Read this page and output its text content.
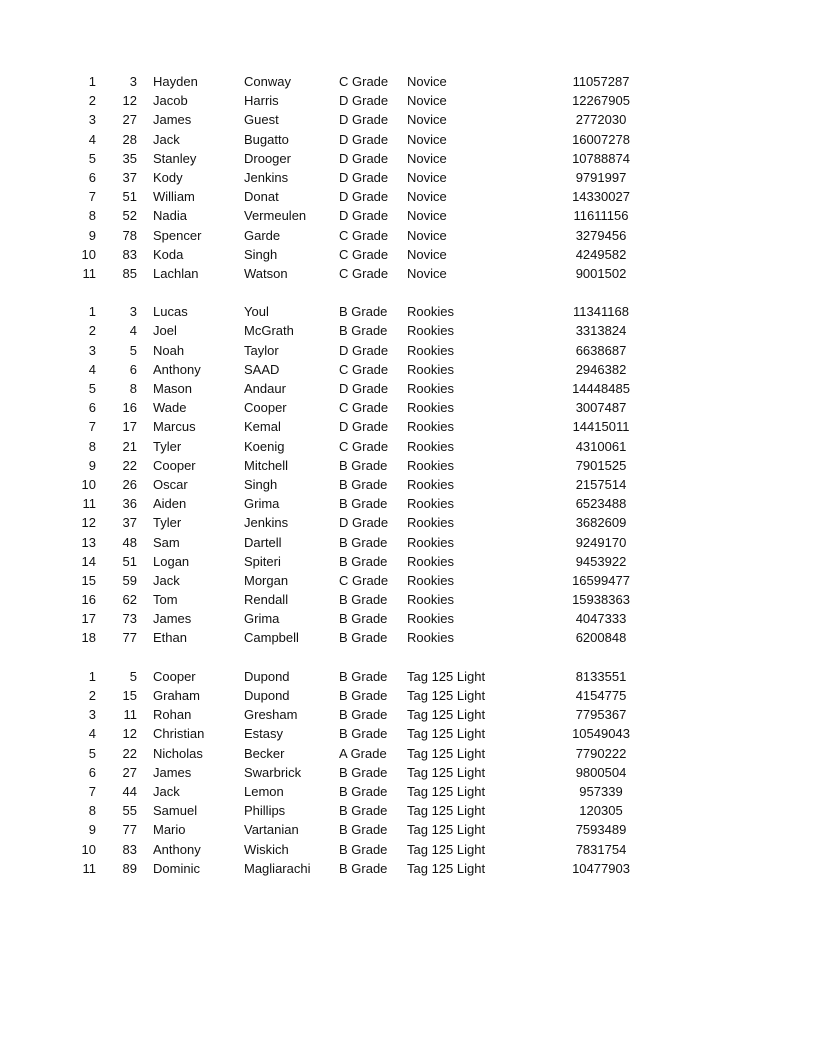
1	3 Hayden	Conway	C Grade Novice	11057287
2	12 Jacob	Harris	D Grade Novice	12267905
3	27 James	Guest	D Grade Novice	2772030
4	28 Jack	Bugatto	D Grade Novice	16007278
5	35 Stanley	Drooger	D Grade Novice	10788874
6	37 Kody	Jenkins	D Grade Novice	9791997
7	51 William	Donat	D Grade Novice	14330027
8	52 Nadia	Vermeulen	D Grade Novice	11611156
9	78 Spencer	Garde	C Grade Novice	3279456
10	83 Koda	Singh	C Grade Novice	4249582
11	85 Lachlan	Watson	C Grade Novice	9001502
1	3 Lucas	Youl	B Grade Rookies	11341168
2	4 Joel	McGrath	B Grade Rookies	3313824
3	5 Noah	Taylor	D Grade Rookies	6638687
4	6 Anthony	SAAD	C Grade Rookies	2946382
5	8 Mason	Andaur	D Grade Rookies	14448485
6	16 Wade	Cooper	C Grade Rookies	3007487
7	17 Marcus	Kemal	D Grade Rookies	14415011
8	21 Tyler	Koenig	C Grade Rookies	4310061
9	22 Cooper	Mitchell	B Grade Rookies	7901525
10	26 Oscar	Singh	B Grade Rookies	2157514
11	36 Aiden	Grima	B Grade Rookies	6523488
12	37 Tyler	Jenkins	D Grade Rookies	3682609
13	48 Sam	Dartell	B Grade Rookies	9249170
14	51 Logan	Spiteri	B Grade Rookies	9453922
15	59 Jack	Morgan	C Grade Rookies	16599477
16	62 Tom	Rendall	B Grade Rookies	15938363
17	73 James	Grima	B Grade Rookies	4047333
18	77 Ethan	Campbell	B Grade Rookies	6200848
1	5 Cooper	Dupond	B Grade Tag 125 Light	8133551
2	15 Graham	Dupond	B Grade Tag 125 Light	4154775
3	11 Rohan	Gresham	B Grade Tag 125 Light	7795367
4	12 Christian	Estasy	B Grade Tag 125 Light	10549043
5	22 Nicholas	Becker	A Grade Tag 125 Light	7790222
6	27 James	Swarbrick	B Grade Tag 125 Light	9800504
7	44 Jack	Lemon	B Grade Tag 125 Light	957339
8	55 Samuel	Phillips	B Grade Tag 125 Light	120305
9	77 Mario	Vartanian	B Grade Tag 125 Light	7593489
10	83 Anthony	Wiskich	B Grade Tag 125 Light	7831754
11	89 Dominic	Magliarachi B Grade Tag 125 Light	10477903
